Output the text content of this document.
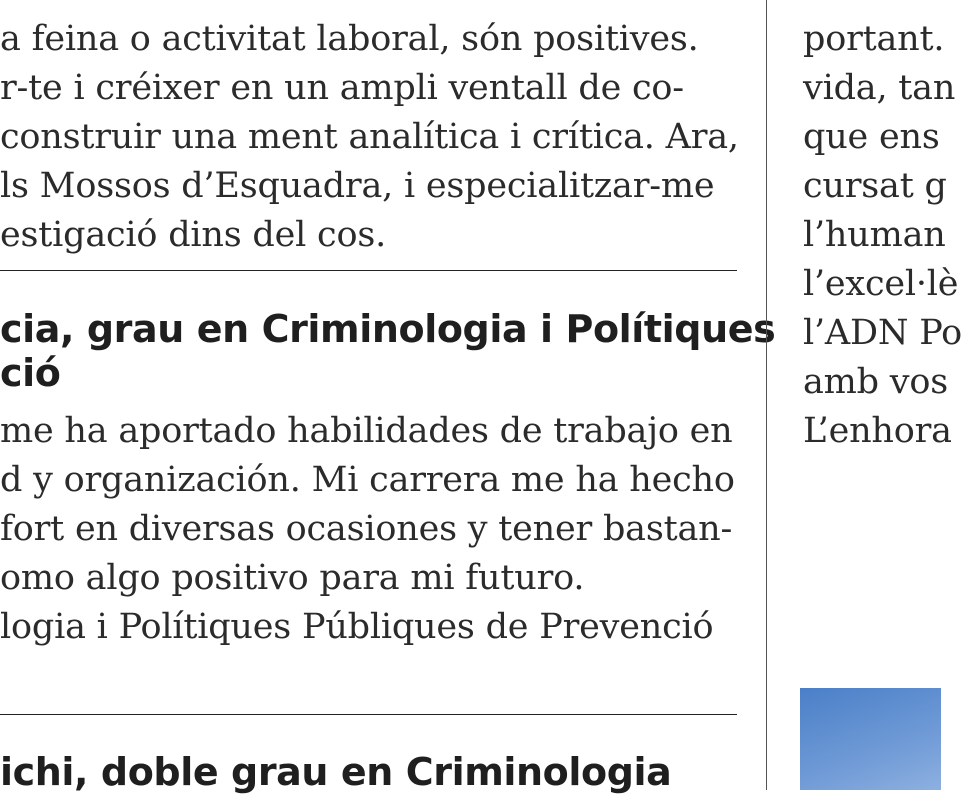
a feina o activitat laboral, són positives.
r-te i créixer en un ampli ventall de co-
construir una ment analítica i crítica. Ara,
ls Mossos d’Esquadra, i especialitzar-me
estigació dins del cos.
cia, grau en Criminologia i Polítiques
ció
me ha aportado habilidades de trabajo en
d y organización. Mi carrera me ha hecho
fort en diversas ocasiones y tener bastan-
omo algo positivo para mi futuro.
logia i Polítiques Públiques de Prevenció
ichi, doble grau en Criminologia
portant.
vida, tan
que ens
cursat g
l’human
l’excel·lè
l’ADN Po
amb vos
L’enhora
